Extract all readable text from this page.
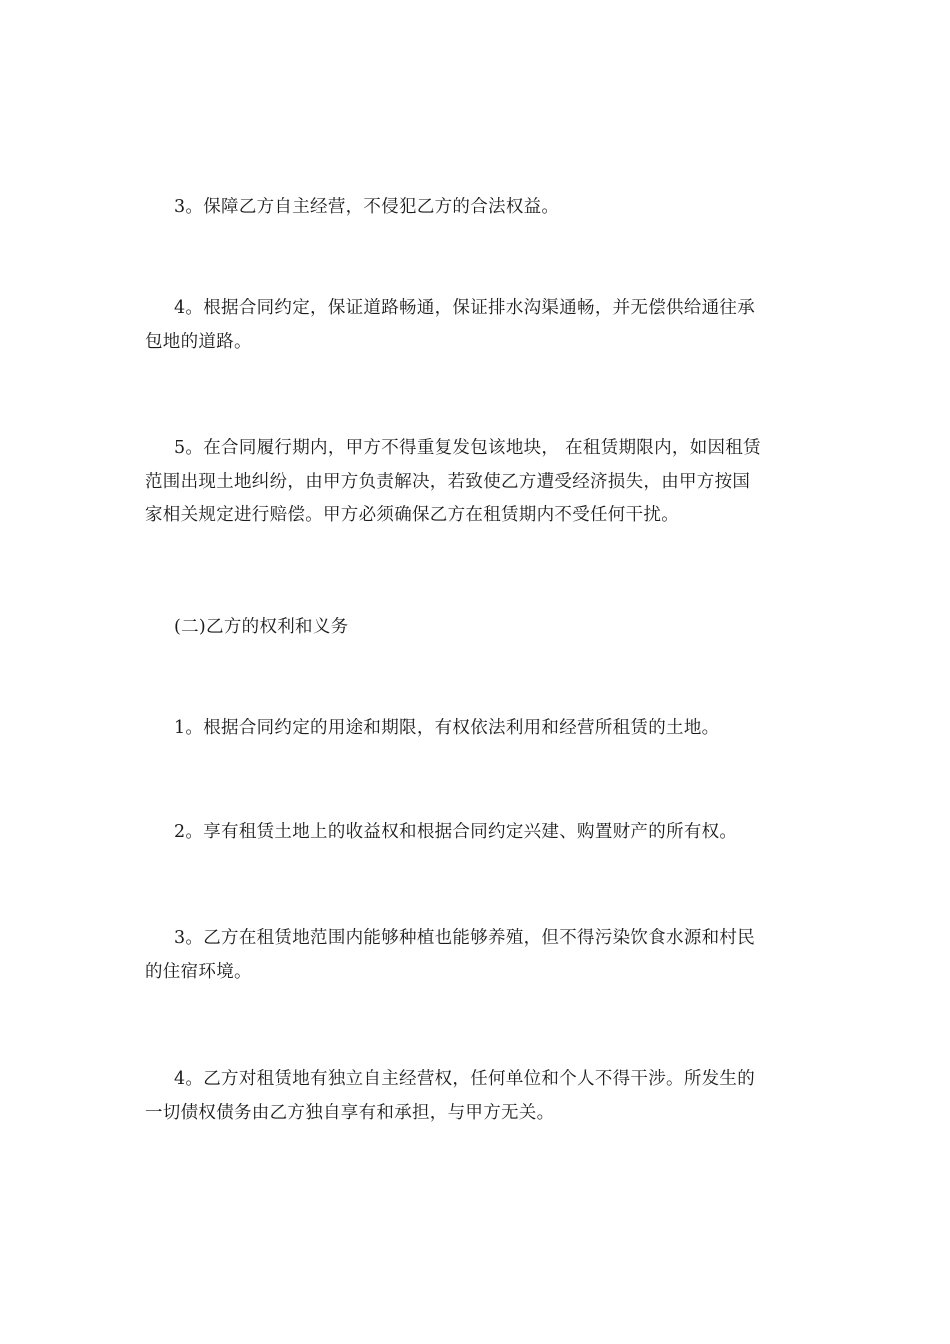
3。保障乙方自主经营，不侵犯乙方的合法权益。

4。根据合同约定，保证道路畅通，保证排水沟渠通畅，并无偿供给通往承
包地的道路。

5。在合同履行期内，甲方不得重复发包该地块， 在租赁期限内，如因租赁
范围出现土地纠纷，由甲方负责解决，若致使乙方遭受经济损失，由甲方按国
家相关规定进行赔偿。甲方必须确保乙方在租赁期内不受任何干扰。

(二)乙方的权利和义务

1。根据合同约定的用途和期限，有权依法利用和经营所租赁的土地。

2。享有租赁土地上的收益权和根据合同约定兴建、购置财产的所有权。

3。乙方在租赁地范围内能够种植也能够养殖，但不得污染饮食水源和村民
的住宿环境。

4。乙方对租赁地有独立自主经营权，任何单位和个人不得干涉。所发生的
一切债权债务由乙方独自享有和承担，与甲方无关。
